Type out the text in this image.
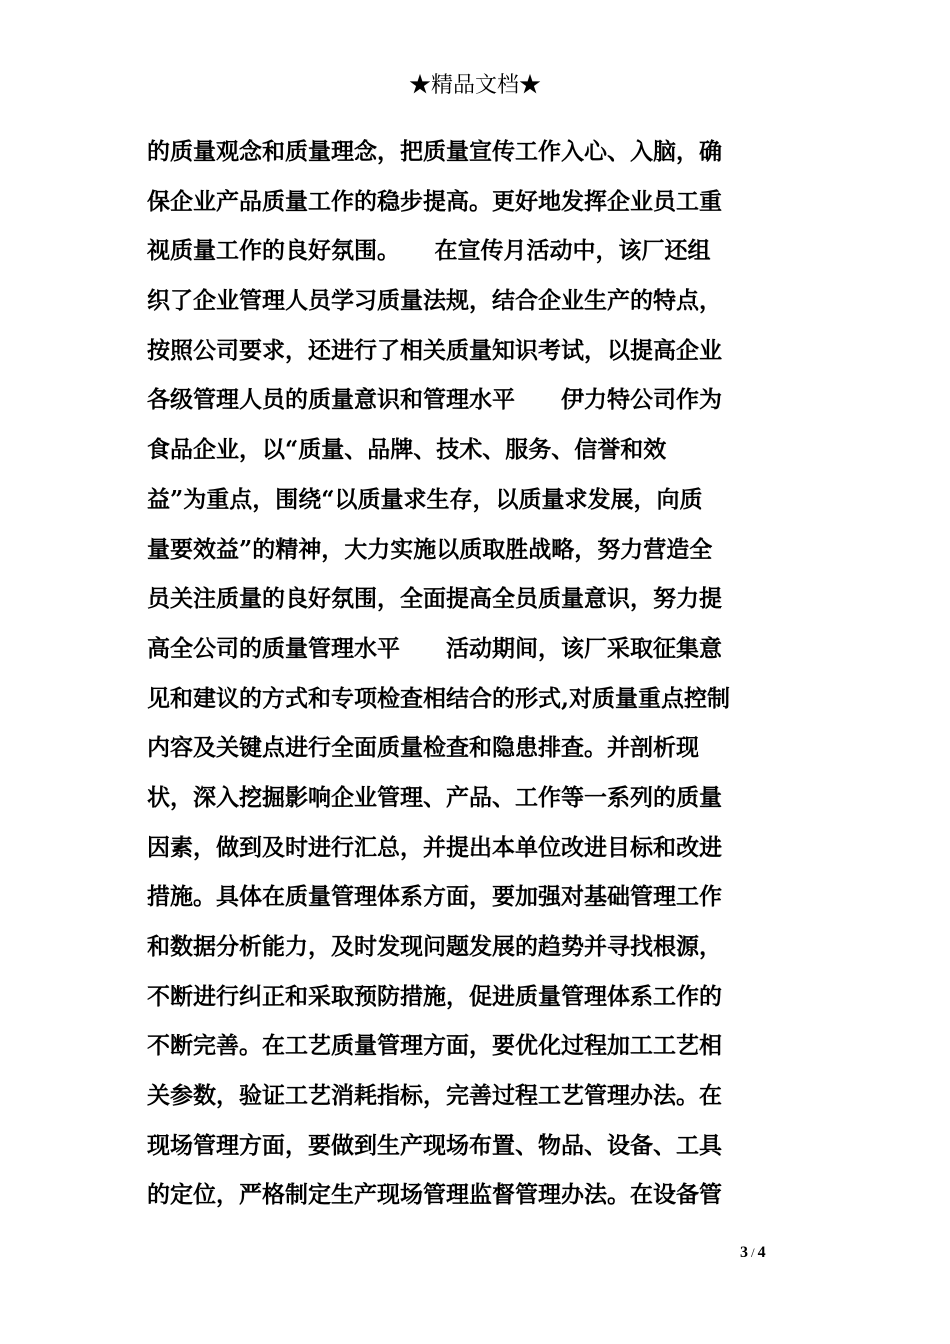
★精品文档★
的质量观念和质量理念，把质量宣传工作入心、入脑，确
保企业产品质量工作的稳步提高。更好地发挥企业员工重
视质量工作的良好氛围。　　在宣传月活动中，该厂还组
织了企业管理人员学习质量法规，结合企业生产的特点，
按照公司要求，还进行了相关质量知识考试，以提高企业
各级管理人员的质量意识和管理水平　　伊力特公司作为
食品企业，以“质量、品牌、技术、服务、信誉和效
益”为重点，围绕“以质量求生存，以质量求发展，向质
量要效益”的精神，大力实施以质取胜战略，努力营造全
员关注质量的良好氛围，全面提高全员质量意识，努力提
高全公司的质量管理水平　　活动期间，该厂采取征集意
见和建议的方式和专项检查相结合的形式,对质量重点控制
内容及关键点进行全面质量检查和隐患排查。并剖析现
状，深入挖掘影响企业管理、产品、工作等一系列的质量
因素，做到及时进行汇总，并提出本单位改进目标和改进
措施。具体在质量管理体系方面，要加强对基础管理工作
和数据分析能力，及时发现问题发展的趋势并寻找根源，
不断进行纠正和采取预防措施，促进质量管理体系工作的
不断完善。在工艺质量管理方面，要优化过程加工工艺相
关参数，验证工艺消耗指标，完善过程工艺管理办法。在
现场管理方面，要做到生产现场布置、物品、设备、工具
的定位，严格制定生产现场管理监督管理办法。在设备管
3 / 4
